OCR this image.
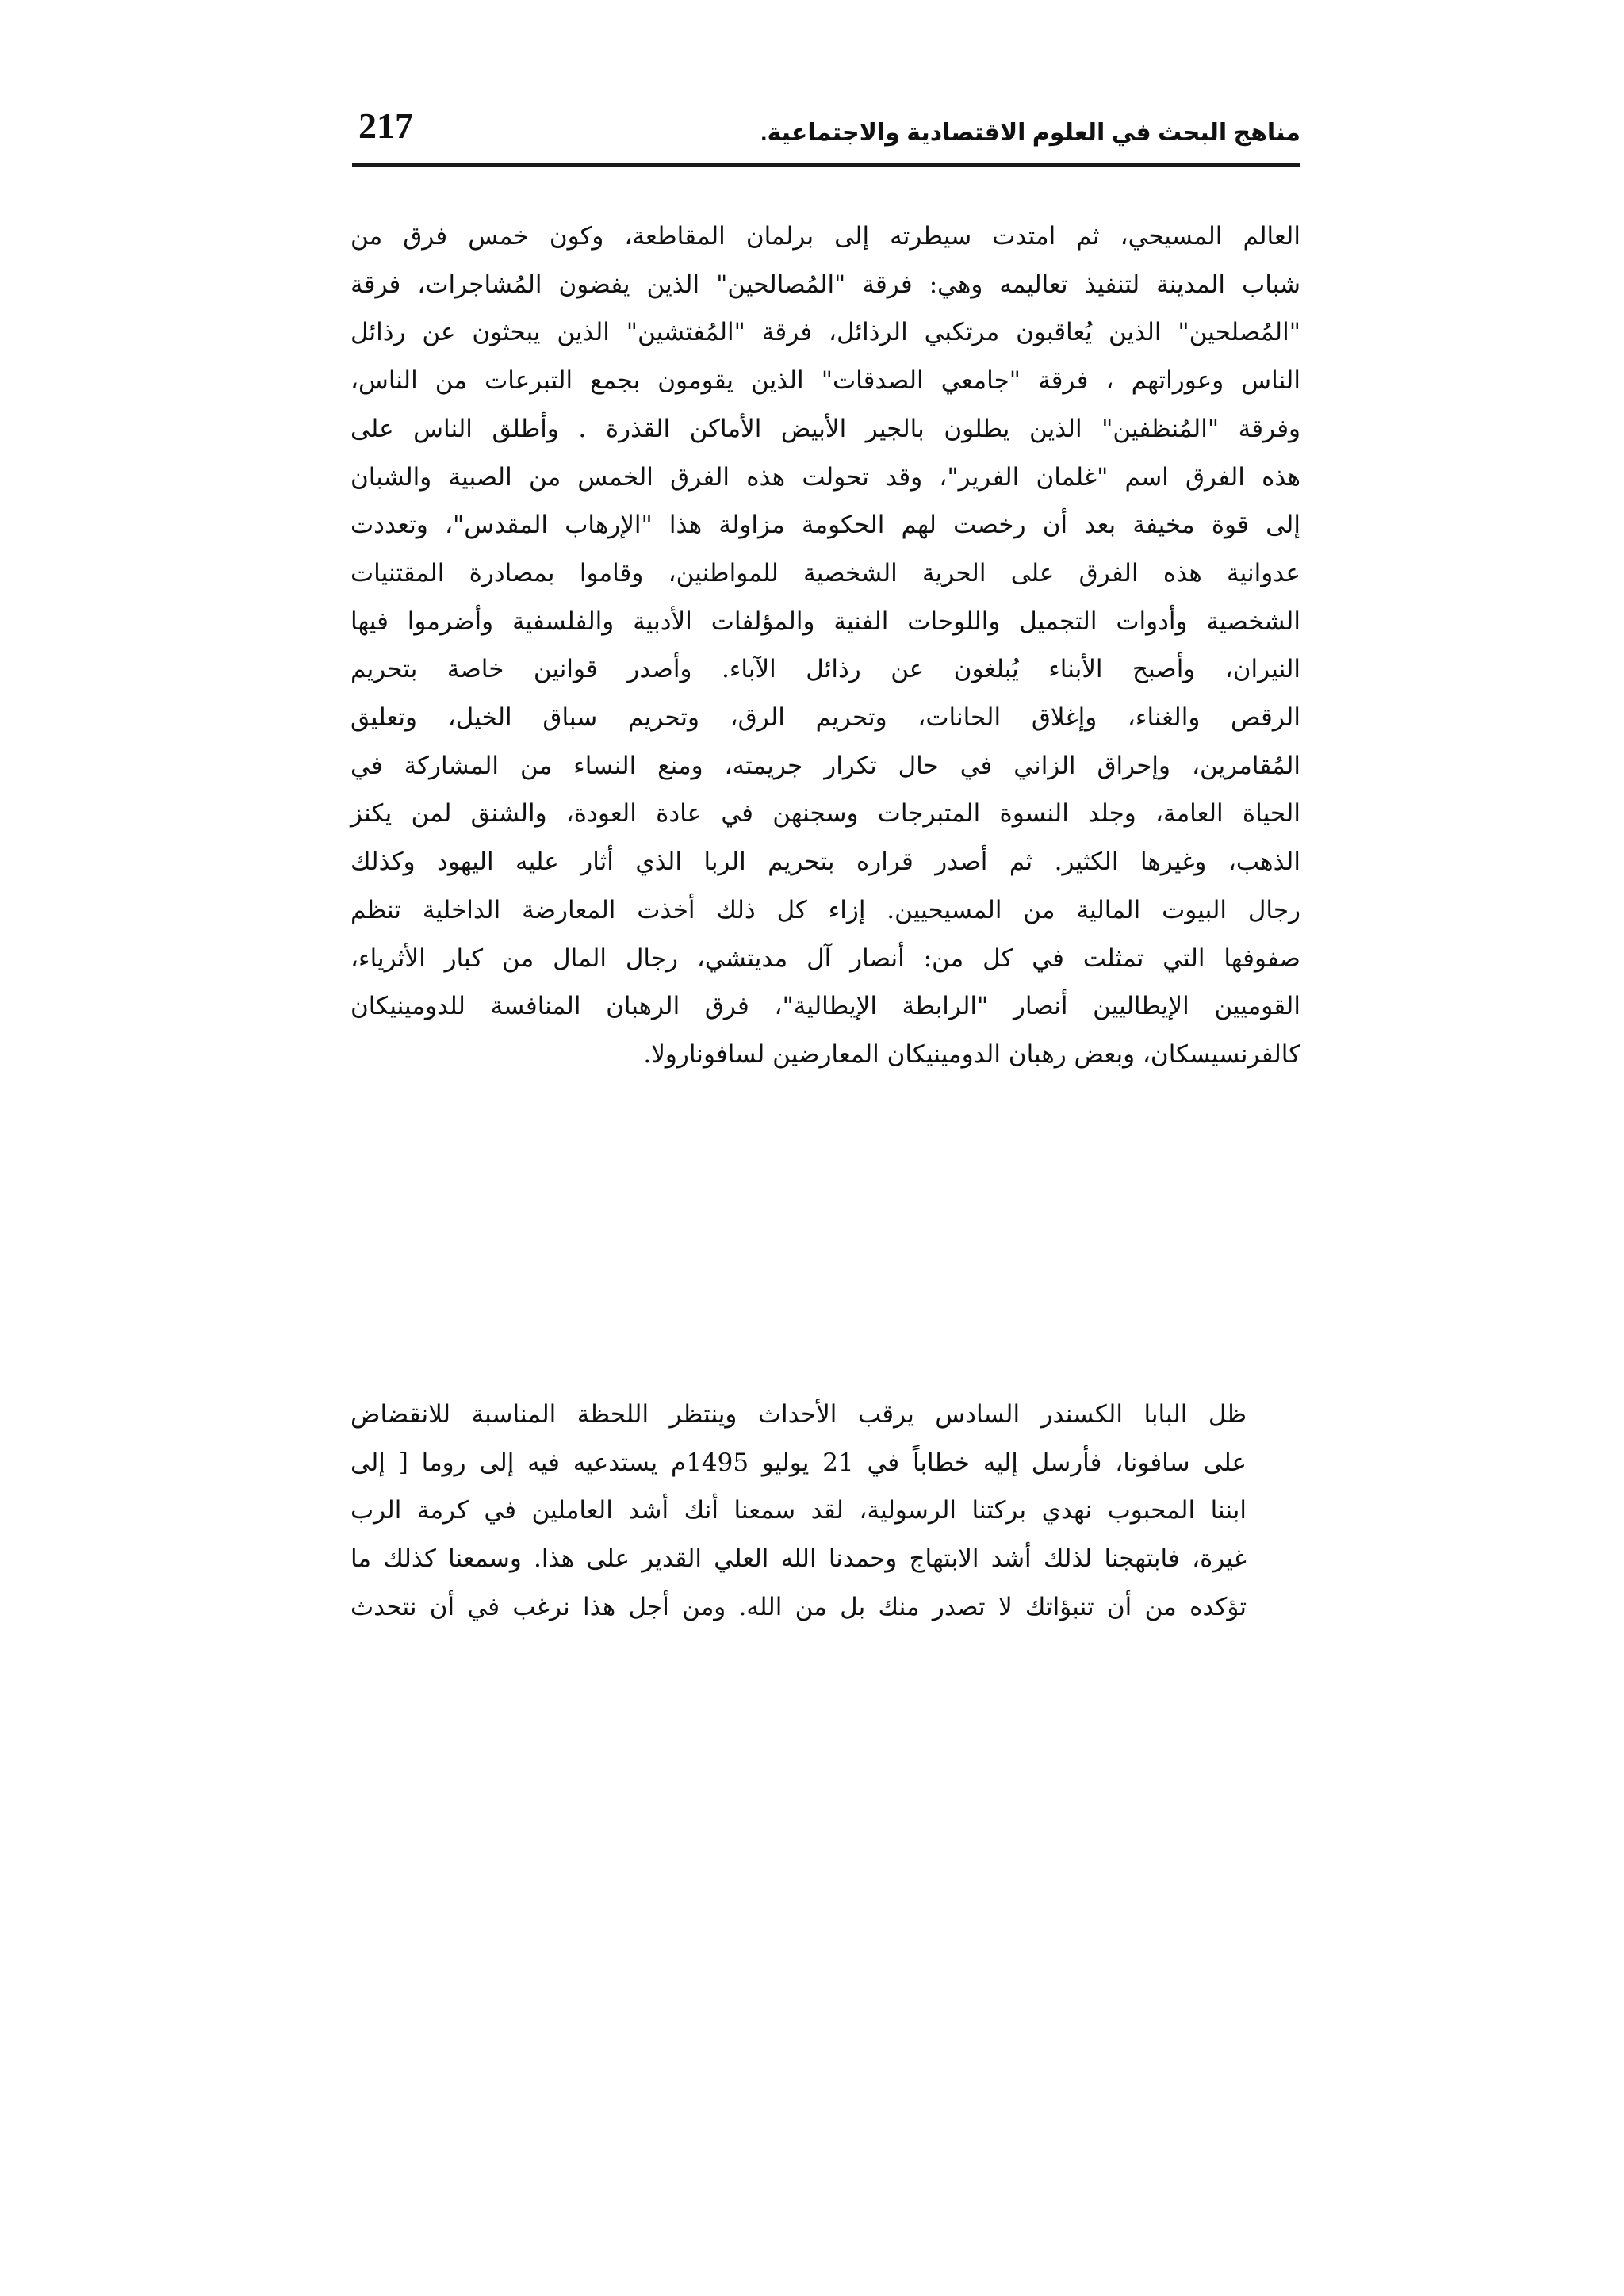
مناهج البحث في العلوم الاقتصادية والاجتماعية.
217
العالم المسيحي، ثم امتدت سيطرته إلى برلمان المقاطعة، وكون خمس فرق من
شباب المدينة لتنفيذ تعاليمه وهي: فرقة "المُصالحين" الذين يفضون المُشاجرات، فرقة
"المُصلحين" الذين يُعاقبون مرتكبي الرذائل، فرقة "المُفتشين" الذين يبحثون عن رذائل
الناس وعوراتهم ، فرقة "جامعي الصدقات" الذين يقومون بجمع التبرعات من الناس،
وفرقة "المُنظفين" الذين يطلون بالجير الأبيض الأماكن القذرة . وأطلق الناس على
هذه الفرق اسم "غلمان الفرير"، وقد تحولت هذه الفرق الخمس من الصبية والشبان
إلى قوة مخيفة بعد أن رخصت لهم الحكومة مزاولة هذا "الإرهاب المقدس"، وتعددت
عدوانية هذه الفرق على الحرية الشخصية للمواطنين، وقاموا بمصادرة المقتنيات
الشخصية وأدوات التجميل واللوحات الفنية والمؤلفات الأدبية والفلسفية وأضرموا فيها
النيران، وأصبح الأبناء يُبلغون عن رذائل الآباء. وأصدر قوانين خاصة بتحريم
الرقص والغناء، وإغلاق الحانات، وتحريم الرق، وتحريم سباق الخيل، وتعليق
المُقامرين، وإحراق الزاني في حال تكرار جريمته، ومنع النساء من المشاركة في
الحياة العامة، وجلد النسوة المتبرجات وسجنهن في عادة العودة، والشنق لمن يكنز
الذهب، وغيرها الكثير. ثم أصدر قراره بتحريم الربا الذي أثار عليه اليهود وكذلك
رجال البيوت المالية من المسيحيين. إزاء كل ذلك أخذت المعارضة الداخلية تنظم
صفوفها التي تمثلت في كل من: أنصار آل مديتشي، رجال المال من كبار الأثرياء،
القوميين الإيطاليين أنصار "الرابطة الإيطالية"، فرق الرهبان المنافسة للدومينيكان
كالفرنسيسكان، وبعض رهبان الدومينيكان المعارضين لسافونارولا.
ظل البابا الكسندر السادس يرقب الأحداث وينتظر اللحظة المناسبة للانقضاض
على سافونا، فأرسل إليه خطاباً في 21 يوليو 1495م يستدعيه فيه إلى روما [ إلى
ابننا المحبوب نهدي بركتنا الرسولية، لقد سمعنا أنك أشد العاملين في كرمة الرب
غيرة، فابتهجنا لذلك أشد الابتهاج وحمدنا الله العلي القدير على هذا. وسمعنا كذلك ما
تؤكده من أن تنبؤاتك لا تصدر منك بل من الله. ومن أجل هذا نرغب في أن نتحدث
